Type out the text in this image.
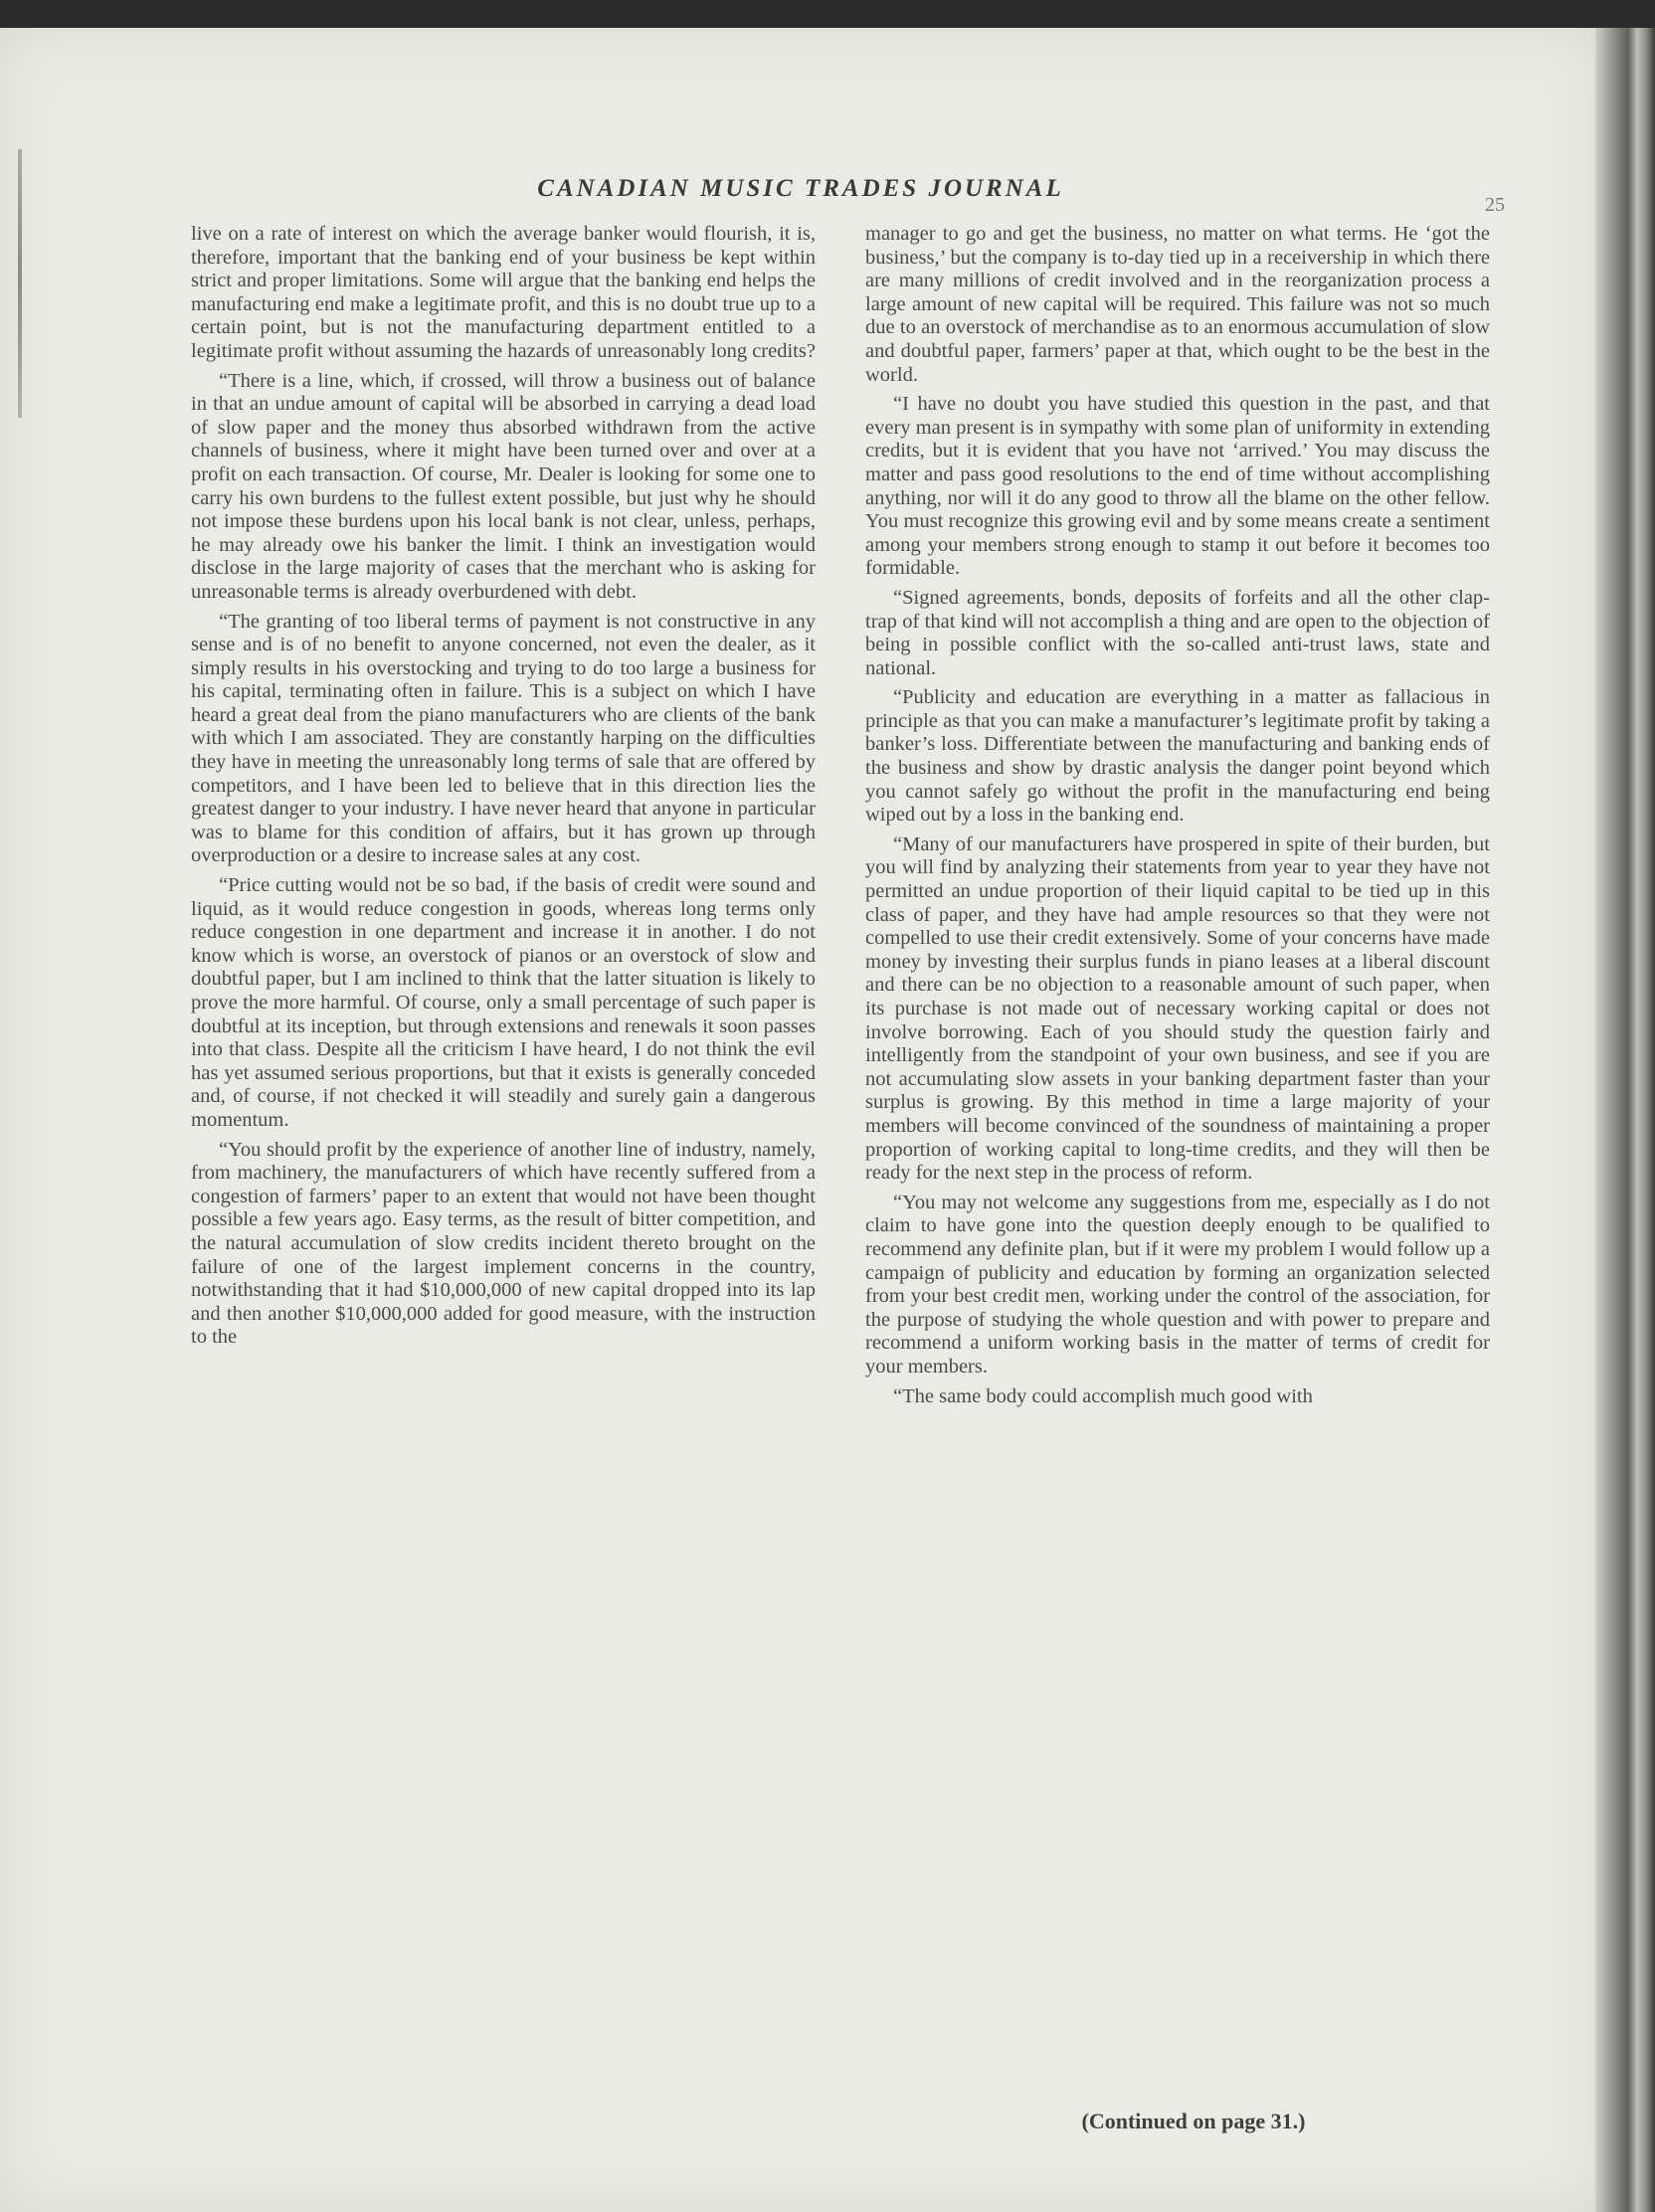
CANADIAN MUSIC TRADES JOURNAL
25

live on a rate of interest on which the average banker would flourish, it is, therefore, important that the banking end of your business be kept within strict and proper limitations. Some will argue that the banking end helps the manufacturing end make a legitimate profit, and this is no doubt true up to a certain point, but is not the manufacturing department entitled to a legitimate profit without assuming the hazards of unreasonably long credits?

“There is a line, which, if crossed, will throw a business out of balance in that an undue amount of capital will be absorbed in carrying a dead load of slow paper and the money thus absorbed withdrawn from the active channels of business, where it might have been turned over and over at a profit on each transaction. Of course, Mr. Dealer is looking for some one to carry his own burdens to the fullest extent possible, but just why he should not impose these burdens upon his local bank is not clear, unless, perhaps, he may already owe his banker the limit. I think an investigation would disclose in the large majority of cases that the merchant who is asking for unreasonable terms is already overburdened with debt.

“The granting of too liberal terms of payment is not constructive in any sense and is of no benefit to anyone concerned, not even the dealer, as it simply results in his overstocking and trying to do too large a business for his capital, terminating often in failure. This is a subject on which I have heard a great deal from the piano manufacturers who are clients of the bank with which I am associated. They are constantly harping on the difficulties they have in meeting the unreasonably long terms of sale that are offered by competitors, and I have been led to believe that in this direction lies the greatest danger to your industry. I have never heard that anyone in particular was to blame for this condition of affairs, but it has grown up through overproduction or a desire to increase sales at any cost.

“Price cutting would not be so bad, if the basis of credit were sound and liquid, as it would reduce congestion in goods, whereas long terms only reduce congestion in one department and increase it in another. I do not know which is worse, an overstock of pianos or an overstock of slow and doubtful paper, but I am inclined to think that the latter situation is likely to prove the more harmful. Of course, only a small percentage of such paper is doubtful at its inception, but through extensions and renewals it soon passes into that class. Despite all the criticism I have heard, I do not think the evil has yet assumed serious proportions, but that it exists is generally conceded and, of course, if not checked it will steadily and surely gain a dangerous momentum.

“You should profit by the experience of another line of industry, namely, from machinery, the manufacturers of which have recently suffered from a congestion of farmers’ paper to an extent that would not have been thought possible a few years ago. Easy terms, as the result of bitter competition, and the natural accumulation of slow credits incident thereto brought on the failure of one of the largest implement concerns in the country, notwithstanding that it had $10,000,000 of new capital dropped into its lap and then another $10,000,000 added for good measure, with the instruction to the

manager to go and get the business, no matter on what terms. He ‘got the business,’ but the company is to-day tied up in a receivership in which there are many millions of credit involved and in the reorganization process a large amount of new capital will be required. This failure was not so much due to an overstock of merchandise as to an enormous accumulation of slow and doubtful paper, farmers’ paper at that, which ought to be the best in the world.

“I have no doubt you have studied this question in the past, and that every man present is in sympathy with some plan of uniformity in extending credits, but it is evident that you have not ‘arrived.’ You may discuss the matter and pass good resolutions to the end of time without accomplishing anything, nor will it do any good to throw all the blame on the other fellow. You must recognize this growing evil and by some means create a sentiment among your members strong enough to stamp it out before it becomes too formidable.

“Signed agreements, bonds, deposits of forfeits and all the other clap-trap of that kind will not accomplish a thing and are open to the objection of being in possible conflict with the so-called anti-trust laws, state and national.

“Publicity and education are everything in a matter as fallacious in principle as that you can make a manufacturer’s legitimate profit by taking a banker’s loss. Differentiate between the manufacturing and banking ends of the business and show by drastic analysis the danger point beyond which you cannot safely go without the profit in the manufacturing end being wiped out by a loss in the banking end.

“Many of our manufacturers have prospered in spite of their burden, but you will find by analyzing their statements from year to year they have not permitted an undue proportion of their liquid capital to be tied up in this class of paper, and they have had ample resources so that they were not compelled to use their credit extensively. Some of your concerns have made money by investing their surplus funds in piano leases at a liberal discount and there can be no objection to a reasonable amount of such paper, when its purchase is not made out of necessary working capital or does not involve borrowing. Each of you should study the question fairly and intelligently from the standpoint of your own business, and see if you are not accumulating slow assets in your banking department faster than your surplus is growing. By this method in time a large majority of your members will become convinced of the soundness of maintaining a proper proportion of working capital to long-time credits, and they will then be ready for the next step in the process of reform.

“You may not welcome any suggestions from me, especially as I do not claim to have gone into the question deeply enough to be qualified to recommend any definite plan, but if it were my problem I would follow up a campaign of publicity and education by forming an organization selected from your best credit men, working under the control of the association, for the purpose of studying the whole question and with power to prepare and recommend a uniform working basis in the matter of terms of credit for your members.

“The same body could accomplish much good with

(Continued on page 31.)
